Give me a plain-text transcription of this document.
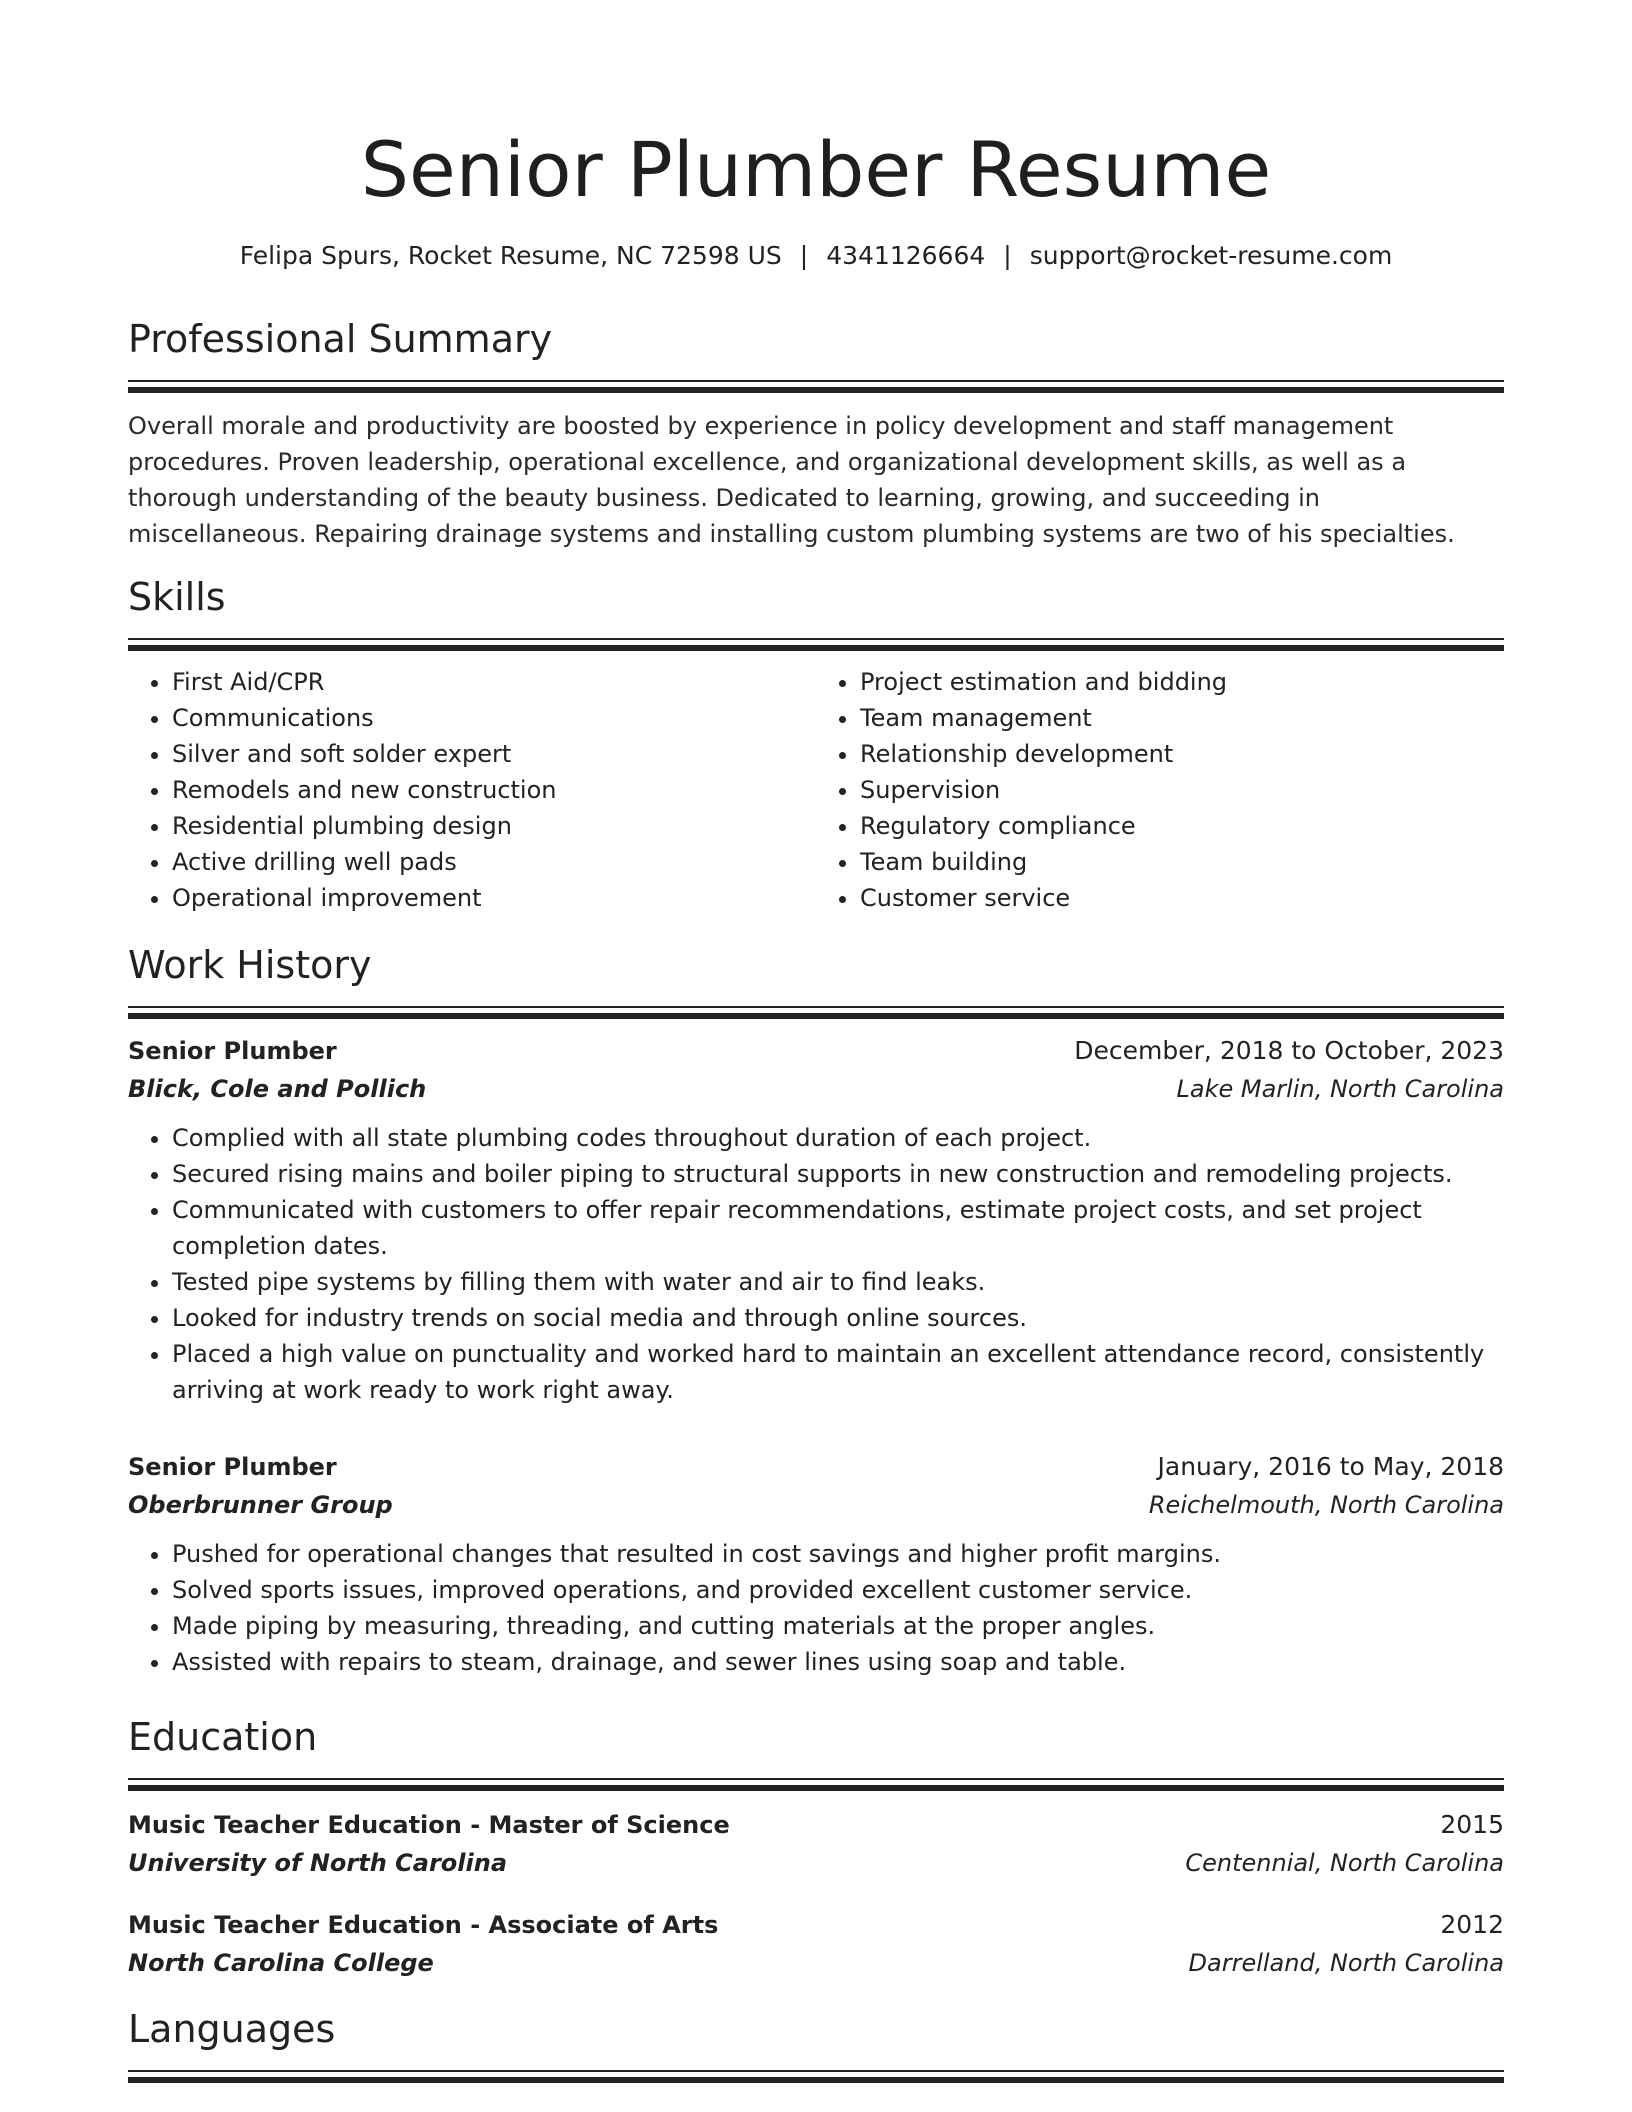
Senior Plumber Resume
Felipa Spurs, Rocket Resume, NC 72598 US | 4341126664 | support@rocket-resume.com
Professional Summary

Overall morale and productivity are boosted by experience in policy development and staff management procedures. Proven leadership, operational excellence, and organizational development skills, as well as a thorough understanding of the beauty business. Dedicated to learning, growing, and succeeding in miscellaneous. Repairing drainage systems and installing custom plumbing systems are two of his specialties.

Skills
• First Aid/CPR
• Communications
• Silver and soft solder expert
• Remodels and new construction
• Residential plumbing design
• Active drilling well pads
• Operational improvement
• Project estimation and bidding
• Team management
• Relationship development
• Supervision
• Regulatory compliance
• Team building
• Customer service
Work History
Senior Plumber	December, 2018 to October, 2023
Blick, Cole and Pollich	Lake Marlin, North Carolina
• Complied with all state plumbing codes throughout duration of each project.
• Secured rising mains and boiler piping to structural supports in new construction and remodeling projects.
• Communicated with customers to offer repair recommendations, estimate project costs, and set project completion dates.
• Tested pipe systems by filling them with water and air to find leaks.
• Looked for industry trends on social media and through online sources.
• Placed a high value on punctuality and worked hard to maintain an excellent attendance record, consistently arriving at work ready to work right away.
Senior Plumber	January, 2016 to May, 2018
Oberbrunner Group	Reichelmouth, North Carolina
• Pushed for operational changes that resulted in cost savings and higher profit margins.
• Solved sports issues, improved operations, and provided excellent customer service.
• Made piping by measuring, threading, and cutting materials at the proper angles.
• Assisted with repairs to steam, drainage, and sewer lines using soap and table.
Education
Music Teacher Education - Master of Science	2015
University of North Carolina	Centennial, North Carolina
Music Teacher Education - Associate of Arts	2012
North Carolina College	Darrelland, North Carolina
Languages
